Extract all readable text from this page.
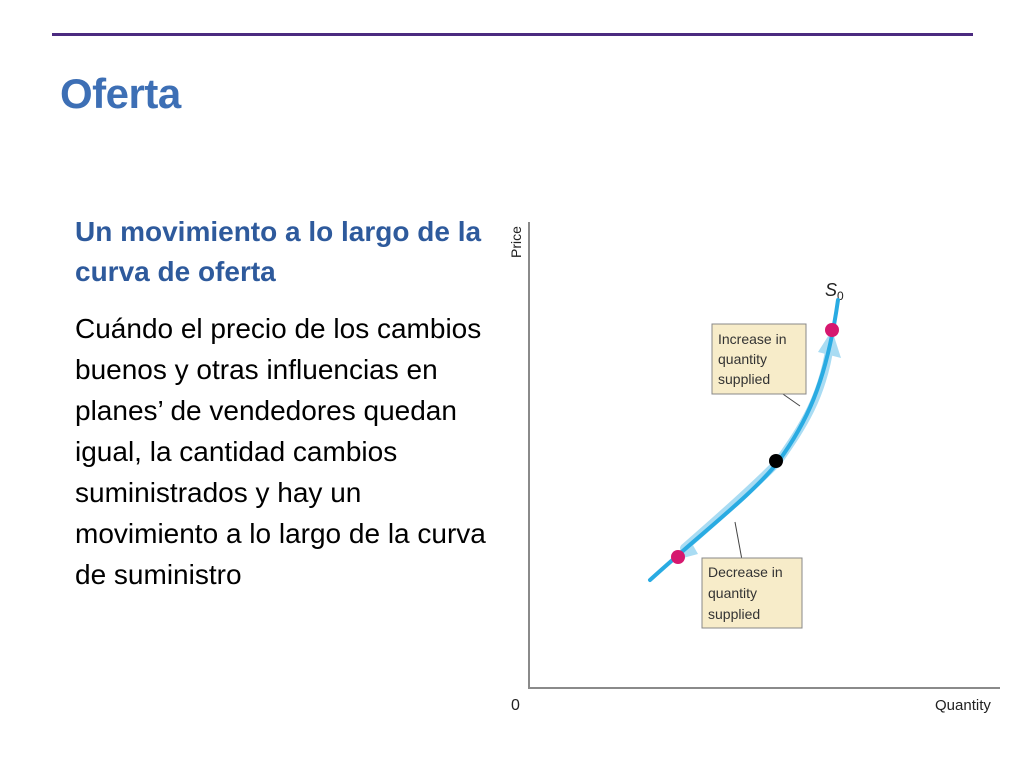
Oferta

Un movimiento a lo largo de la curva de oferta

Cuándo el precio de los cambios buenos y otras influencias en planes’ de vendedores quedan igual, la cantidad cambios suministrados y hay un movimiento a lo largo de la curva de suministro

Price
Quantity
0
$S_0$
Increase in
quantity
supplied
Decrease in
quantity
supplied
